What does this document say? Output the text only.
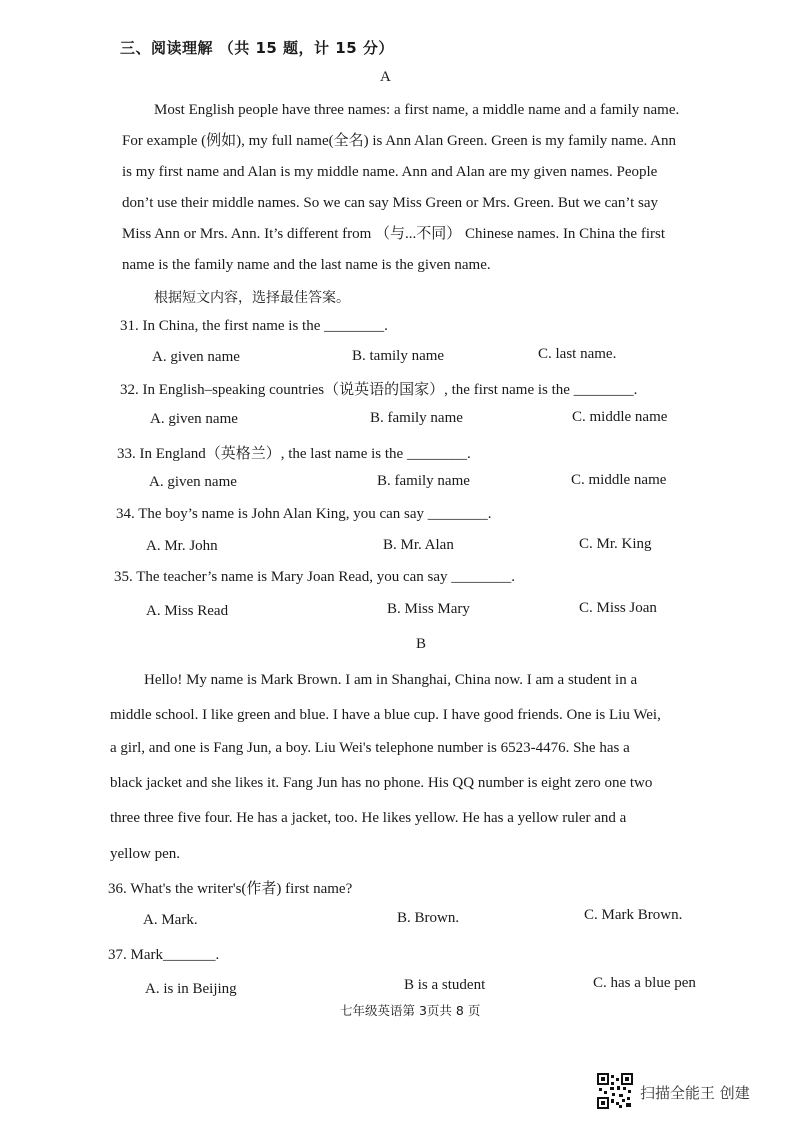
三、阅读理解 （共 15 题，计 15 分）
A
Most English people have three names: a first name, a middle name and a family name.
For example (例如), my full name(全名) is Ann Alan Green. Green is my family name. Ann
is my first name and Alan is my middle name. Ann and Alan are my given names. People
don’t use their middle names. So we can say Miss Green or Mrs. Green. But we can’t say
Miss Ann or Mrs. Ann. It’s different from （与...不同） Chinese names. In China the first
name is the family name and the last name is the given name.
根据短文内容，选择最佳答案。
31. In China, the first name is the ________.
A. given name	B. tamily name	C. last name.
32. In English–speaking countries（说英语的国家）, the first name is the ________.
A. given name	B. family name	C. middle name
33. In England（英格兰）, the last name is the ________.
A. given name	B. family name	C. middle name
34. The boy’s name is John Alan King, you can say ________.
A. Mr. John	B. Mr. Alan	C. Mr. King
35. The teacher’s name is Mary Joan Read, you can say ________.
A. Miss Read	B. Miss Mary	C. Miss Joan
B
Hello! My name is Mark Brown. I am in Shanghai, China now. I am a student in a
middle school. I like green and blue. I have a blue cup. I have good friends. One is Liu Wei,
a girl, and one is Fang Jun, a boy. Liu Wei's telephone number is 6523-4476. She has a
black jacket and she likes it. Fang Jun has no phone. His QQ number is eight zero one two
three three five four. He has a jacket, too. He likes yellow. He has a yellow ruler and a
yellow pen.
36. What's the writer's(作者) first name?
A. Mark.	B. Brown.	C. Mark Brown.
37. Mark_______.
A. is in Beijing	B is a student	C. has a blue pen
七年级英语第 3页共 8 页
扫描全能王 创建
